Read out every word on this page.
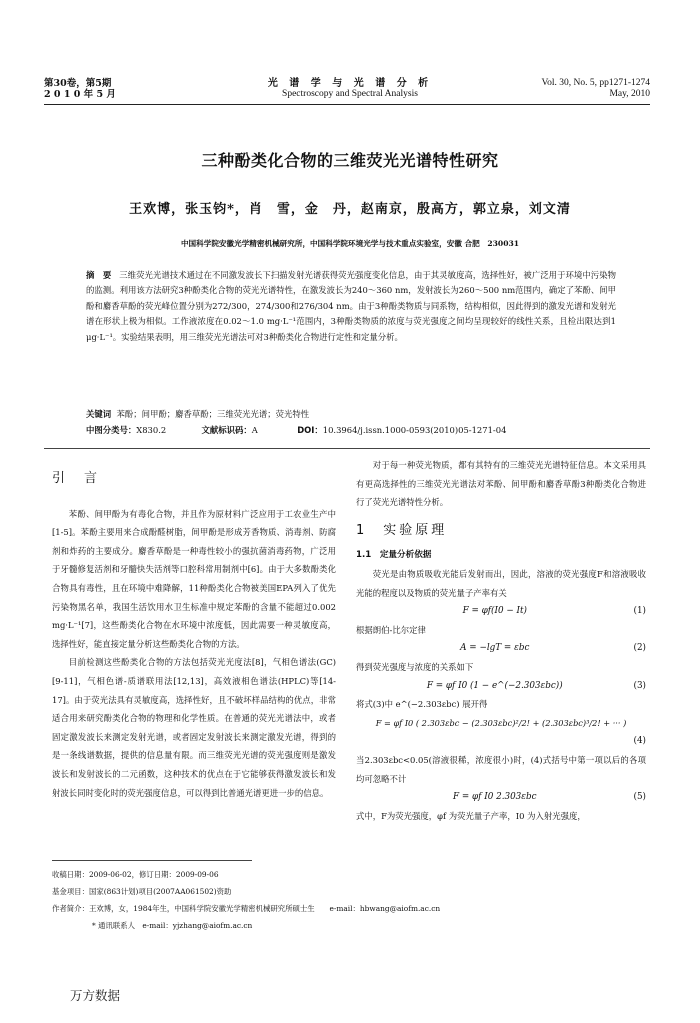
第30卷，第5期
2 0 1 0 年 5 月
光 谱 学 与 光 谱 分 析
Spectroscopy and Spectral Analysis
Vol. 30, No. 5, pp1271-1274
May, 2010
三种酚类化合物的三维荧光光谱特性研究
王欢博，张玉钧*，肖　雪，金　丹，赵南京，殷高方，郭立泉，刘文清
中国科学院安徽光学精密机械研究所，中国科学院环境光学与技术重点实验室，安徽 合肥　230031
摘　要 三维荧光光谱技术通过在不同激发波长下扫描发射光谱获得荧光强度变化信息，由于其灵敏度高，选择性好，被广泛用于环境中污染物的监测。利用该方法研究3种酚类化合物的荧光光谱特性，在激发波长为240～360 nm，发射波长为260～500 nm范围内，确定了苯酚、间甲酚和麝香草酚的荧光峰位置分别为272/300，274/300和276/304 nm。由于3种酚类物质与同系物，结构相似，因此得到的激发光谱和发射光谱在形状上极为相似。工作液浓度在0.02～1.0 mg·L⁻¹范围内，3种酚类物质的浓度与荧光强度之间均呈现较好的线性关系，且检出限达到1 μg·L⁻¹。实验结果表明，用三维荧光光谱法可对3种酚类化合物进行定性和定量分析。
关键词 苯酚；间甲酚；麝香草酚；三维荧光光谱；荧光特性
中图分类号：X830.2	文献标识码：A	DOI：10.3964/j.issn.1000-0593(2010)05-1271-04
引　言

苯酚、间甲酚为有毒化合物，并且作为原材料广泛应用于工农业生产中[1-5]。苯酚主要用来合成酚醛树脂，间甲酚是形成芳香物质、消毒剂、防腐剂和炸药的主要成分。麝香草酚是一种毒性较小的强抗菌消毒药物，广泛用于牙髓修复活剂和牙髓快失活剂等口腔科常用制剂中[6]。由于大多数酚类化合物具有毒性，且在环境中难降解，11种酚类化合物被美国EPA列入了优先污染物黑名单，我国生活饮用水卫生标准中规定苯酚的含量不能超过0.002 mg·L⁻¹[7]，这些酚类化合物在水环境中浓度低，因此需要一种灵敏度高，选择性好，能直接定量分析这些酚类化合物的方法。

目前检测这些酚类化合物的方法包括荧光光度法[8]，气相色谱法(GC)[9-11]，气相色谱-质谱联用法[12,13]，高效液相色谱法(HPLC)等[14-17]。由于荧光法具有灵敏度高，选择性好，且不破坏样品结构的优点，非常适合用来研究酚类化合物的物理和化学性质。在普通的荧光光谱法中，或者固定激发波长来测定发射光谱，或者固定发射波长来测定激发光谱，得到的是一条线谱数据，提供的信息量有限。而三维荧光光谱的荧光强度则是激发波长和发射波长的二元函数，这种技术的优点在于它能够获得激发波长和发射波长同时变化时的荧光强度信息，可以得到比普通光谱更进一步的信息。

对于每一种荧光物质，都有其特有的三维荧光光谱特征信息。本文采用具有更高选择性的三维荧光光谱法对苯酚、间甲酚和麝香草酚3种酚类化合物进行了荧光光谱特性分析。

1　实验原理
1.1　定量分析依据

荧光是由物质吸收光能后发射而出，因此，溶液的荧光强度F和溶液吸收光能的程度以及物质的荧光量子产率有关

F = φf(I0 − It)	(1)
根据朗伯-比尔定律
A = −lgT = εbc	(2)
得到荧光强度与浓度的关系如下
F = φf I0 (1 − e^(−2.303εbc))	(3)
将式(3)中 e^(−2.303εbc) 展开得
F = φf I0 ( 2.303εbc − (2.303εbc)²/2! + (2.303εbc)³/2! + ··· )
(4)
当2.303εbc<0.05(溶液很稀，浓度很小)时，(4)式括号中第一项以后的各项均可忽略不计
F = φf I0 2.303εbc	(5)
式中，F为荧光强度，φf 为荧光量子产率，I0 为入射光强度，
收稿日期：2009-06-02，修订日期：2009-09-06
基金项目：国家(863计划)项目(2007AA061502)资助
作者简介：王欢博，女，1984年生，中国科学院安徽光学精密机械研究所硕士生　　e-mail：hbwang@aiofm.ac.cn
* 通讯联系人　e-mail：yjzhang@aiofm.ac.cn
万方数据
